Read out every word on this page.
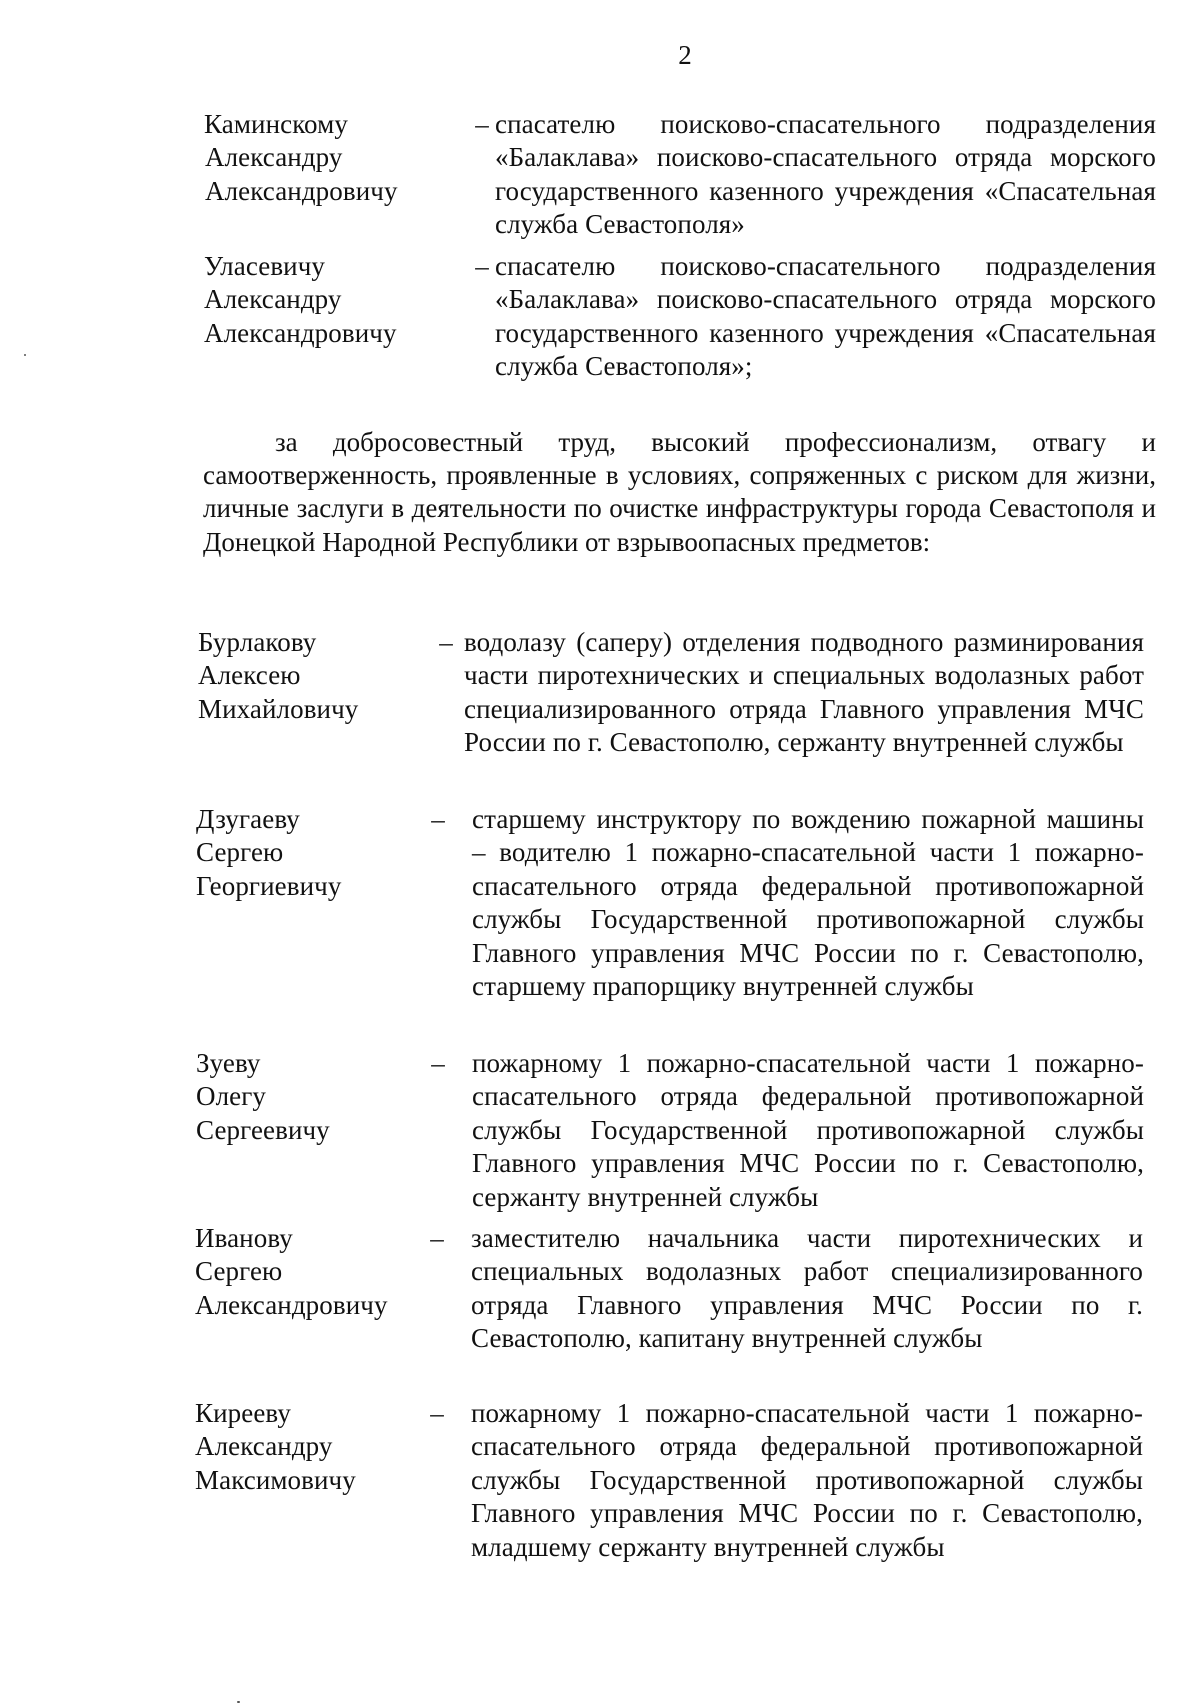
2
Каминскому
Александру
Александровичу
– спасателю поисково-спасательного подразделения «Балаклава» поисково-спасательного отряда морского государственного казенного учреждения «Спасательная служба Севастополя»
Уласевичу
Александру
Александровичу
– спасателю поисково-спасательного подразделения «Балаклава» поисково-спасательного отряда морского государственного казенного учреждения «Спасательная служба Севастополя»;
за добросовестный труд, высокий профессионализм, отвагу и самоотверженность, проявленные в условиях, сопряженных с риском для жизни, личные заслуги в деятельности по очистке инфраструктуры города Севастополя и Донецкой Народной Республики от взрывоопасных предметов:
Бурлакову
Алексею
Михайловичу
– водолазу (саперу) отделения подводного разминирования части пиротехнических и специальных водолазных работ специализированного отряда Главного управления МЧС России по г. Севастополю, сержанту внутренней службы
Дзугаеву
Сергею
Георгиевичу
– старшему инструктору по вождению пожарной машины – водителю 1 пожарно-спасательной части 1 пожарно-спасательного отряда федеральной противопожарной службы Государственной противопожарной службы Главного управления МЧС России по г. Севастополю, старшему прапорщику внутренней службы
Зуеву
Олегу
Сергеевичу
– пожарному 1 пожарно-спасательной части 1 пожарно-спасательного отряда федеральной противопожарной службы Государственной противопожарной службы Главного управления МЧС России по г. Севастополю, сержанту внутренней службы
Иванову
Сергею
Александровичу
– заместителю начальника части пиротехнических и специальных водолазных работ специализированного отряда Главного управления МЧС России по г. Севастополю, капитану внутренней службы
Кирееву
Александру
Максимовичу
– пожарному 1 пожарно-спасательной части 1 пожарно-спасательного отряда федеральной противопожарной службы Государственной противопожарной службы Главного управления МЧС России по г. Севастополю, младшему сержанту внутренней службы
